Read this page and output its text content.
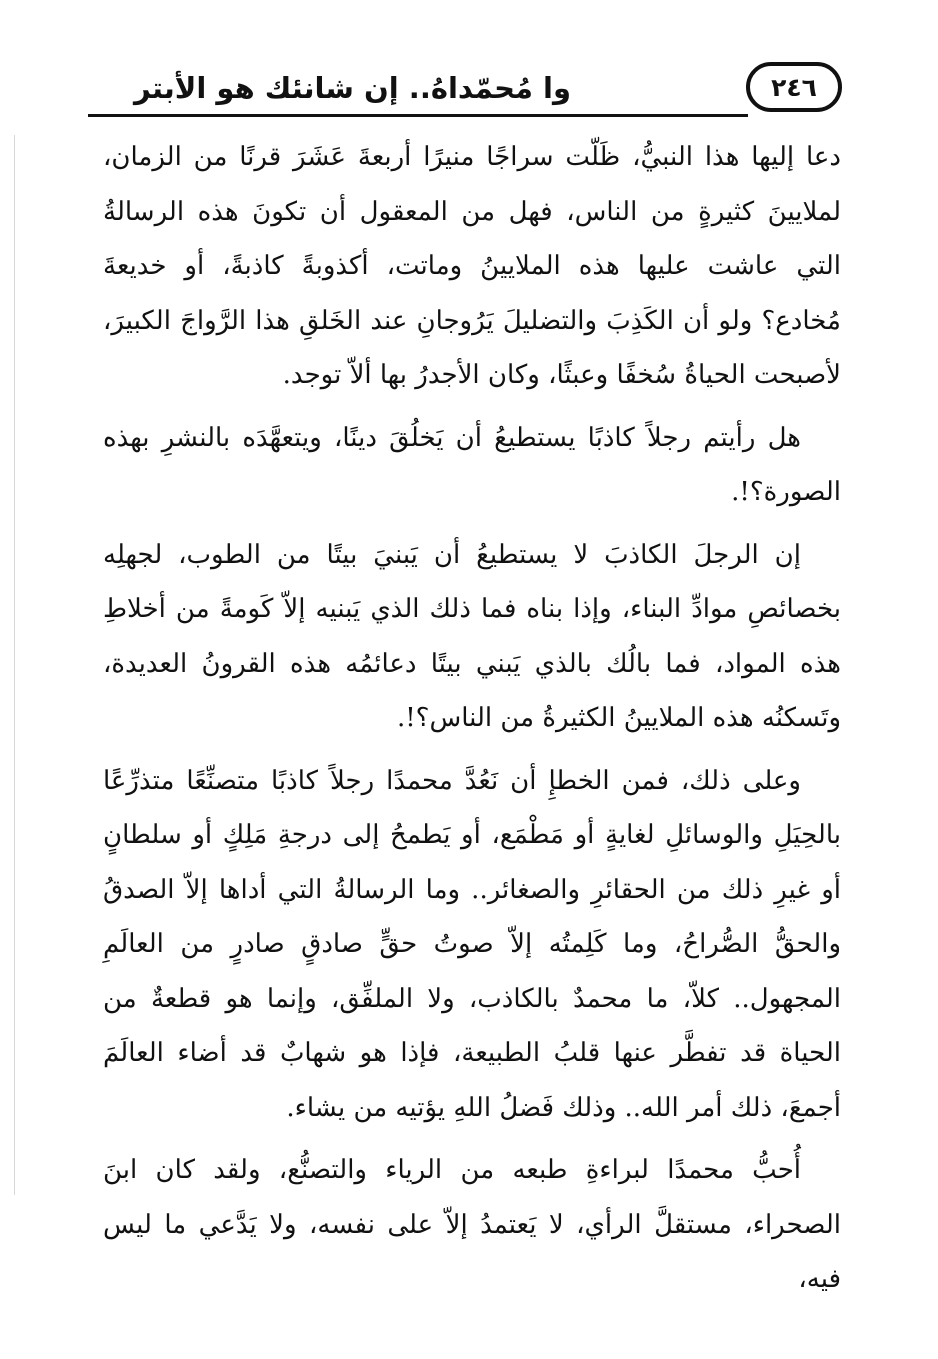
٢٤٦
وا مُحمّداهُ.. إن شانئك هو الأبتر

دعا إليها هذا النبيُّ، ظَلّت سراجًا منيرًا أربعةَ عَشَرَ قرنًا من الزمان، لملايينَ كثيرةٍ من الناس، فهل من المعقول أن تكونَ هذه الرسالةُ التي عاشت عليها هذه الملايينُ وماتت، أكذوبةً كاذبةً، أو خديعةَ مُخادع؟ ولو أن الكَذِبَ والتضليلَ يَرُوجانِ عند الخَلقِ هذا الرَّواجَ الكبيرَ، لأصبحت الحياةُ سُخفًا وعبثًا، وكان الأجدرُ بها ألاّ توجد.

هل رأيتم رجلاً كاذبًا يستطيعُ أن يَخلُقَ دينًا، ويتعهَّدَه بالنشرِ بهذه الصورة؟!.

إن الرجلَ الكاذبَ لا يستطيعُ أن يَبنيَ بيتًا من الطوب، لجهلِه بخصائصِ موادِّ البناء، وإذا بناه فما ذلك الذي يَبنيه إلاّ كَومةً من أخلاطِ هذه المواد، فما بالُك بالذي يَبني بيتًا دعائمُه هذه القرونُ العديدة، وتَسكنُه هذه الملايينُ الكثيرةُ من الناس؟!.

وعلى ذلك، فمن الخطإِ أن نَعُدَّ محمدًا رجلاً كاذبًا متصنِّعًا متذرِّعًا بالحِيَلِ والوسائلِ لغايةٍ أو مَطْمَع، أو يَطمحُ إلى درجةِ مَلِكٍ أو سلطانٍ أو غيرِ ذلك من الحقائرِ والصغائر.. وما الرسالةُ التي أداها إلاّ الصدقُ والحقُّ الصُّراحُ، وما كَلِمتُه إلاّ صوتُ حقٍّ صادقٍ صادرٍ من العالَمِ المجهول.. كلاّ، ما محمدٌ بالكاذب، ولا الملفِّق، وإنما هو قطعةٌ من الحياة قد تفطَّر عنها قلبُ الطبيعة، فإذا هو شهابٌ قد أضاء العالَمَ أجمعَ، ذلك أمر الله.. وذلك فَضلُ اللهِ يؤتيه من يشاء.

أُحبُّ محمدًا لبراءةِ طبعه من الرياء والتصنُّع، ولقد كان ابنَ الصحراء، مستقلَّ الرأي، لا يَعتمدُ إلاّ على نفسه، ولا يَدَّعي ما ليس فيه،
